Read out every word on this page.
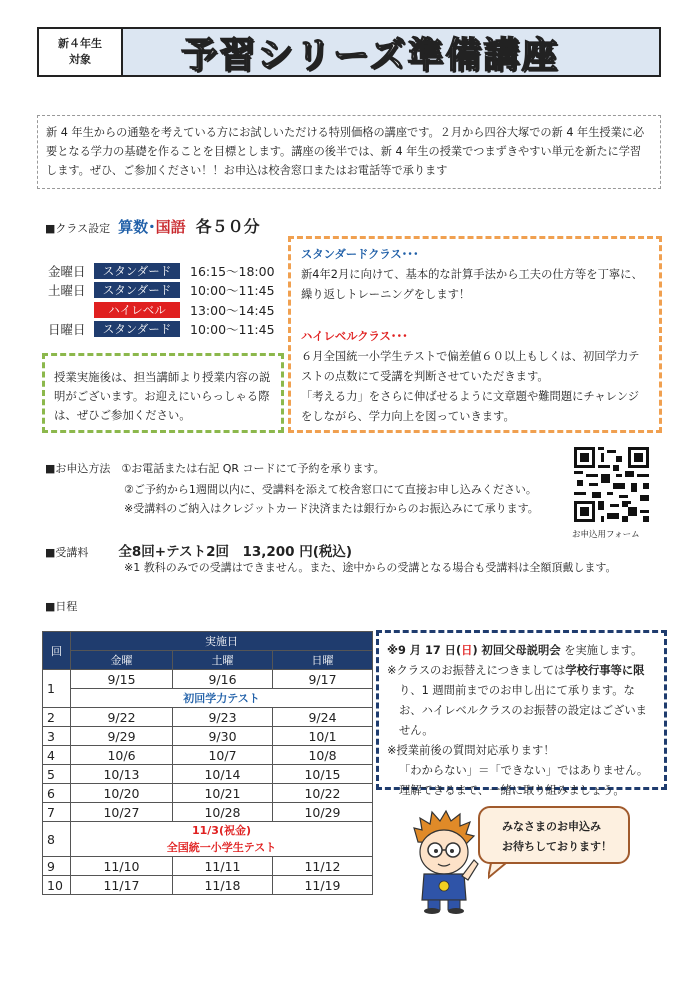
新４年生
対象	予習シリーズ準備講座
新 4 年生からの通塾を考えている方にお試しいただける特別価格の講座です。２月から四谷大塚での新 4 年生授業に必要となる学力の基礎を作ることを目標とします。講座の後半では、新 4 年生の授業でつまずきやすい単元を新たに学習します。ぜひ、ご参加ください！！お申込は校舎窓口またはお電話等で承ります
■クラス設定 算数 ･ 国語 各５０分
金曜日	スタンダード	16:15～18:00
土曜日	スタンダード	10:00～11:45
ハイレベル	13:00～14:45
日曜日	スタンダード	10:00～11:45
授業実施後は、担当講師より授業内容の説明がございます。お迎えにいらっしゃる際は、ぜひご参加ください。
スタンダードクラス･･･
新4年2月に向けて、基本的な計算手法から工夫の仕方等を丁寧に、繰り返しトレーニングをします！
ハイレベルクラス･･･
６月全国統一小学生テストで偏差値６０以上もしくは、初回学力テストの点数にて受講を判断させていただきます。
「考える力」をさらに伸ばせるように文章題や難問題にチャレンジをしながら、学力向上を図っていきます。
■お申込方法　①お電話または右記 QR コードにて予約を承ります。
②ご予約から1週間以内に、受講料を添えて校舎窓口にて直接お申し込みください。
※受講料のご納入はクレジットカード決済または銀行からのお振込みにて承ります。
お申込用フォーム
■受講料 全8回+テスト2回　13,200 円(税込)
※1 教科のみでの受講はできません。また、途中からの受講となる場合も受講料は全額頂戴します。
■日程
回	実施日		
	金曜	土曜	日曜
1	9/15	9/16	9/17
	初回学力テスト		
2	9/22	9/23	9/24
3	9/29	9/30	10/1
4	10/6	10/7	10/8
5	10/13	10/14	10/15
6	10/20	10/21	10/22
7	10/27	10/28	10/29
8	11/3(祝金)
全国統一小学生テスト		

9	11/10	11/11	11/12
10	11/17	11/18	11/19
※9 月 17 日(日) 初回父母説明会 を実施します。
※クラスのお振替えにつきましては学校行事等に限
り、1 週間前までのお申し出にて承ります。なお、ハイレベルクラスのお振替の設定はございません。
※授業前後の質問対応承ります！
「わからない」＝「できない」ではありません。
理解できるまで、一緒に取り組みましょう。
みなさまのお申込み
お待ちしております！
